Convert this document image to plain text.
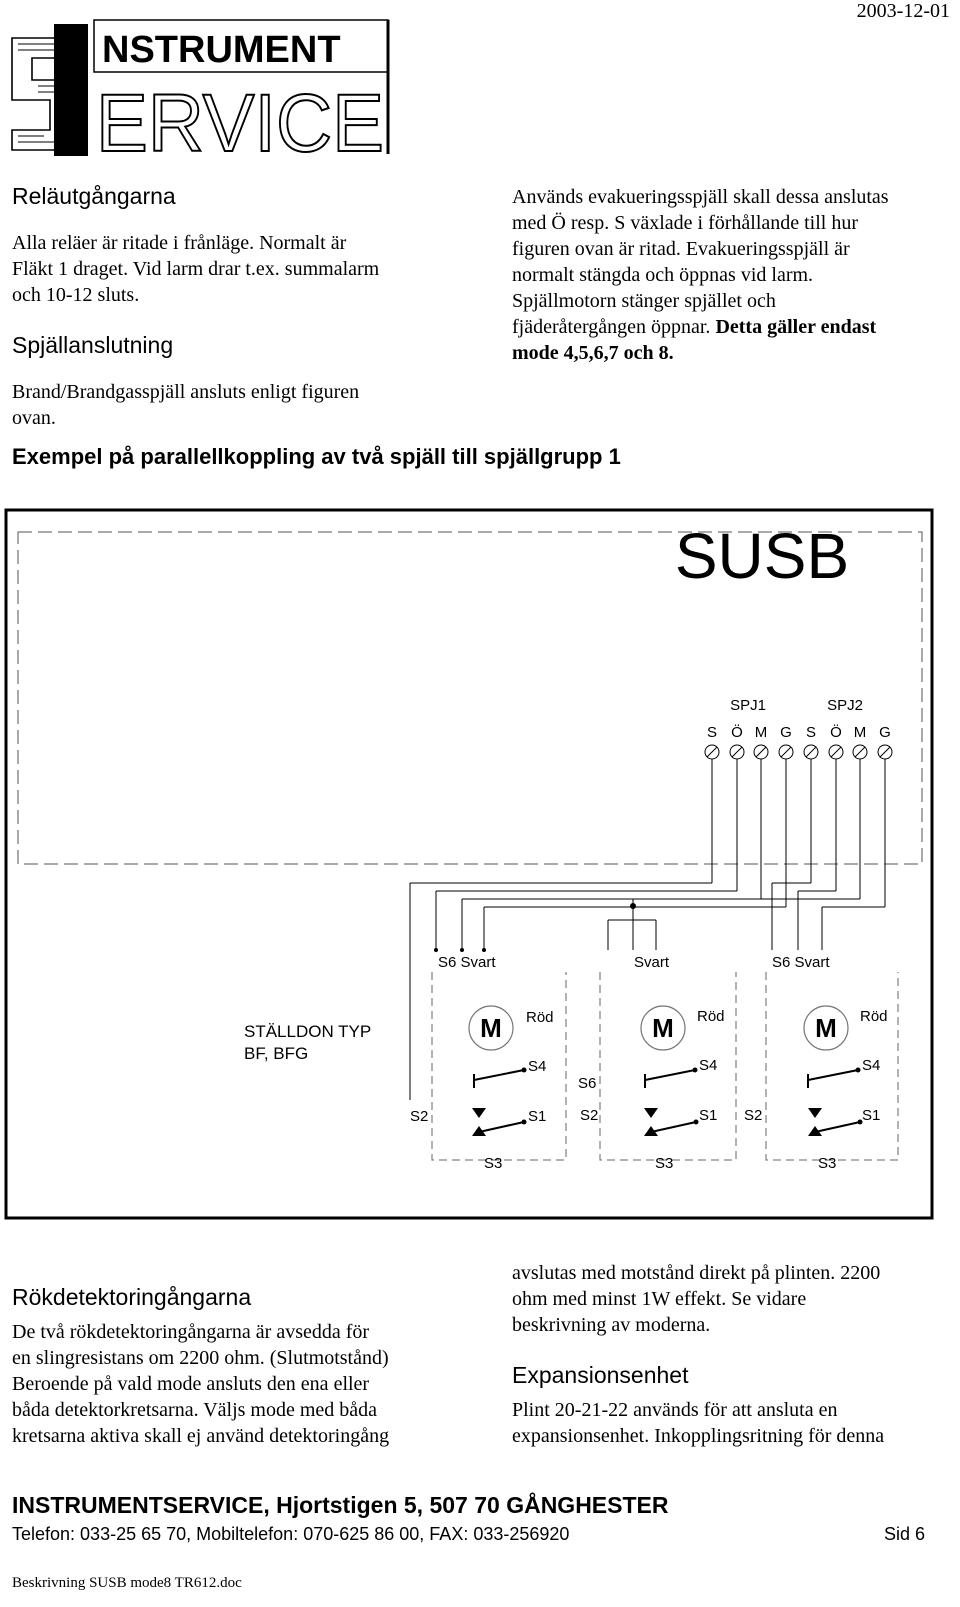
2003-12-01
NSTRUMENT
ERVICE
Reläutgångarna
Alla reläer är ritade i frånläge. Normalt är
Fläkt 1 draget. Vid larm drar t.ex. summalarm
och 10-12 sluts.
Spjällanslutning
Brand/Brandgasspjäll ansluts enligt figuren
ovan.
Används evakueringsspjäll skall dessa anslutas
med Ö resp. S växlade i förhållande till hur
figuren ovan är ritad. Evakueringsspjäll är
normalt stängda och öppnas vid larm.
Spjällmotorn stänger spjället och
fjäderåtergången öppnar. Detta gäller endast
mode 4,5,6,7 och 8.
Exempel på parallellkoppling av två spjäll till spjällgrupp 1
SUSB
SPJ1	SPJ2
S Ö M G S Ö M G
STÄLLDON TYP
BF, BFG
S6 Svart
M Röd
S4
S6
S2	S1
S3
Svart
M Röd
S4
S2	S1
S3
S6 Svart
M Röd
S4
S2	S1
S3
Rökdetektoringångarna
De två rökdetektoringångarna är avsedda för
en slingresistans om 2200 ohm. (Slutmotstånd)
Beroende på vald mode ansluts den ena eller
båda detektorkretsarna. Väljs mode med båda
kretsarna aktiva skall ej använd detektoringång
avslutas med motstånd direkt på plinten. 2200
ohm med minst 1W effekt. Se vidare
beskrivning av moderna.
Expansionsenhet
Plint 20-21-22 används för att ansluta en
expansionsenhet. Inkopplingsritning för denna
INSTRUMENTSERVICE, Hjortstigen 5, 507 70 GÅNGHESTER
Telefon: 033-25 65 70, Mobiltelefon: 070-625 86 00, FAX: 033-256920	Sid 6
Beskrivning SUSB mode8 TR612.doc
